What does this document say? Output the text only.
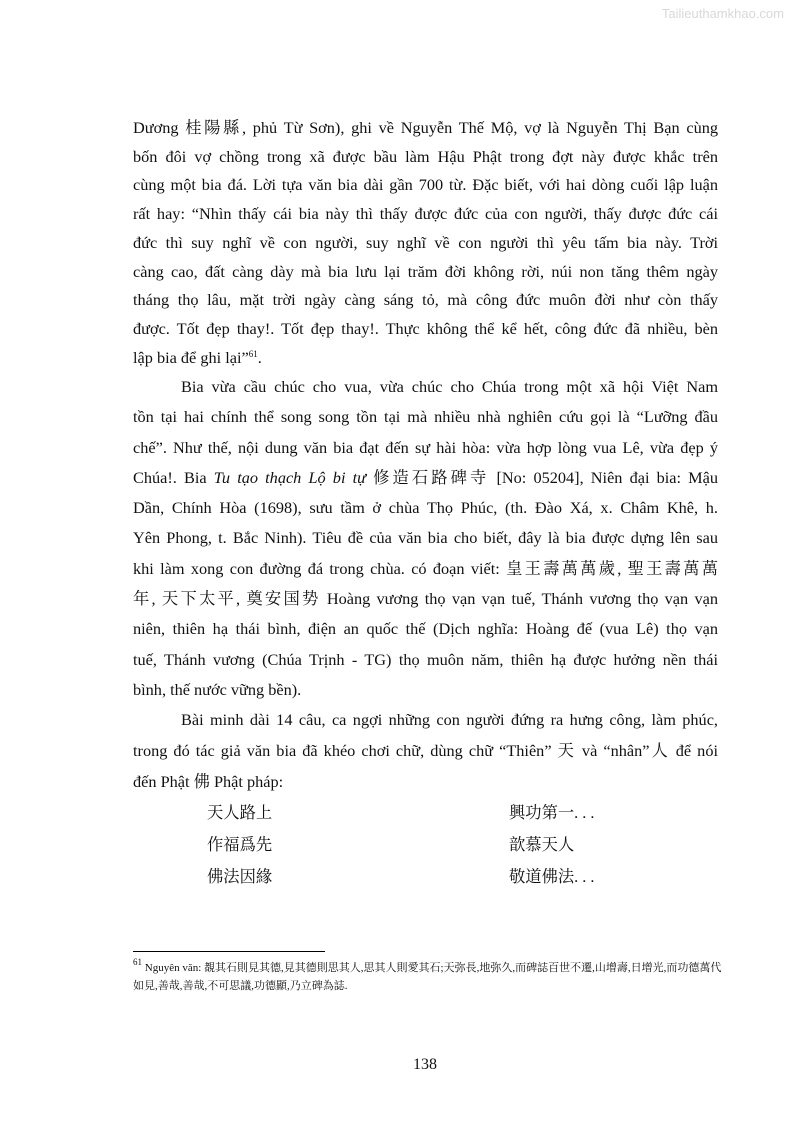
Tailieuthamkhao.com
Dương 桂陽縣, phủ Từ Sơn), ghi về Nguyễn Thế Mộ, vợ là Nguyễn Thị Bạn cùng
bốn đôi vợ chồng trong xã được bầu làm Hậu Phật trong đợt này được khắc trên
cùng một bia đá. Lời tựa văn bia dài gần 700 từ. Đặc biết, với hai dòng cuối lập luận
rất hay: “Nhìn thấy cái bia này thì thấy được đức của con người, thấy được đức cái
đức thì suy nghĩ về con người, suy nghĩ về con người thì yêu tấm bia này. Trời
càng cao, đất càng dày mà bia lưu lại trăm đời không rời, núi non tăng thêm ngày
tháng thọ lâu, mặt trời ngày càng sáng tỏ, mà công đức muôn đời như còn thấy
được. Tốt đẹp thay!. Tốt đẹp thay!. Thực không thể kể hết, công đức đã nhiều, bèn
lập bia để ghi lại”$^{61}$.
Bia vừa cầu chúc cho vua, vừa chúc cho Chúa trong một xã hội Việt Nam
tồn tại hai chính thể song song tồn tại mà nhiều nhà nghiên cứu gọi là “Lưỡng đầu
chế”. Như thế, nội dung văn bia đạt đến sự hài hòa: vừa hợp lòng vua Lê, vừa đẹp ý
Chúa!. Bia Tu tạo thạch Lộ bi tự 修造石路碑寺 [No: 05204], Niên đại bia: Mậu
Dần, Chính Hòa (1698), sưu tầm ở chùa Thọ Phúc, (th. Đào Xá, x. Châm Khê, h.
Yên Phong, t. Bắc Ninh). Tiêu đề của văn bia cho biết, đây là bia được dựng lên sau
khi làm xong con đường đá trong chùa. có đoạn viết: 皇王壽萬萬歲, 聖王壽萬萬
年, 天下太平, 奠安国势 Hoàng vương thọ vạn vạn tuế, Thánh vương thọ vạn vạn
niên, thiên hạ thái bình, điện an quốc thế (Dịch nghĩa: Hoàng đế (vua Lê) thọ vạn
tuế, Thánh vương (Chúa Trịnh - TG) thọ muôn năm, thiên hạ được hưởng nền thái
bình, thế nước vững bền).
Bài minh dài 14 câu, ca ngợi những con người đứng ra hưng công, làm phúc,
trong đó tác giả văn bia đã khéo chơi chữ, dùng chữ “Thiên” 天 và “nhân”人 để nói
đến Phật 佛 Phật pháp:
天人路上
作福爲先
佛法因緣
興功第一. . .
歆慕天人
敬道佛法. . .
$^{61}$ Nguyên văn: 覩其石則見其德,見其德則思其人,思其人則愛其石;天弥長,地弥久,而碑誌百世不遷,山增壽,日增光,而功德萬代如見,善哉,善哉,不可思議,功德顯,乃立碑為誌.
138
